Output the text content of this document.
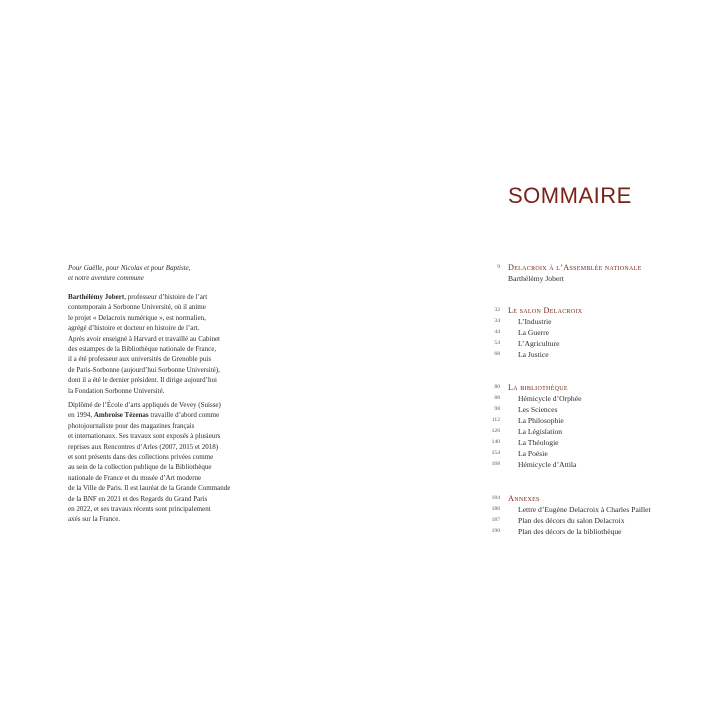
Pour Gaëlle, pour Nicolas et pour Baptiste,
et notre aventure commune
Barthélémy Jobert, professeur d’histoire de l’art
contemporain à Sorbonne Université, où il anime
le projet « Delacroix numérique », est normalien,
agrégé d’histoire et docteur en histoire de l’art.
Après avoir enseigné à Harvard et travaillé au Cabinet
des estampes de la Bibliothèque nationale de France,
il a été professeur aux universités de Grenoble puis
de Paris-Sorbonne (aujourd’hui Sorbonne Université),
dont il a été le dernier président. Il dirige aujourd’hui
la Fondation Sorbonne Université.
Diplômé de l’École d’arts appliqués de Vevey (Suisse)
en 1994, Ambroise Tézenas travaille d’abord comme
photojournaliste pour des magazines français
et internationaux. Ses travaux sont exposés à plusieurs
reprises aux Rencontres d’Arles (2007, 2015 et 2018)
et sont présents dans des collections privées comme
au sein de la collection publique de la Bibliothèque
nationale de France et du musée d’Art moderne
de la Ville de Paris. Il est lauréat de la Grande Commande
de la BNF en 2021 et des Regards du Grand Paris
en 2022, et ses travaux récents sont principalement
axés sur la France.
SOMMAIRE
9 Delacroix à l’Assemblée nationale
Barthélémy Jobert
32 Le salon Delacroix
34 L’Industrie
44 La Guerre
54 L’Agriculture
68 La Justice
80 La bibliothèque
88 Hémicycle d’Orphée
98 Les Sciences
112 La Philosophie
126 La Législation
140 La Théologie
154 La Poésie
168 Hémicycle d’Attila
184 Annexes
186 Lettre d’Eugène Delacroix à Charles Paillet
187 Plan des décors du salon Delacroix
190 Plan des décors de la bibliothèque
